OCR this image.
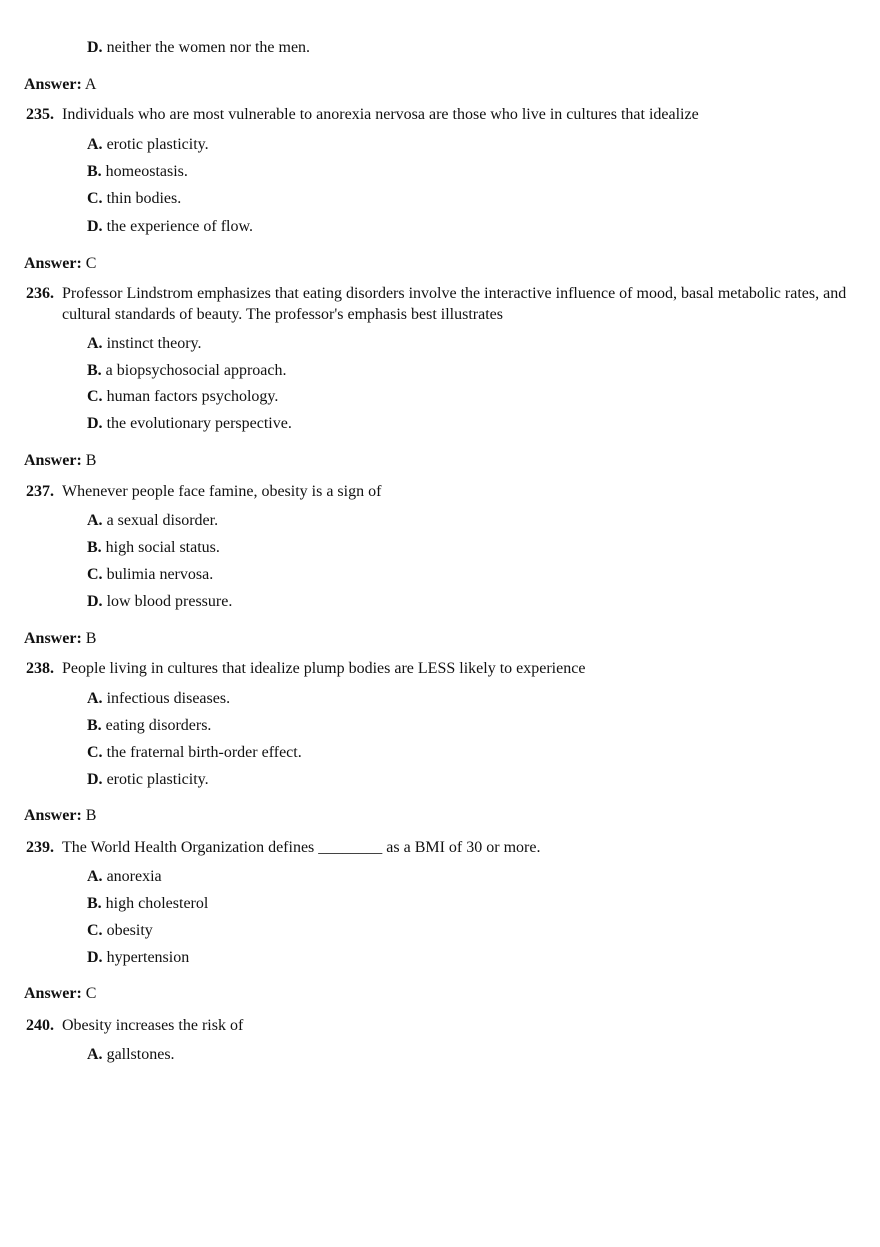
D. neither the women nor the men.
Answer: A
235. Individuals who are most vulnerable to anorexia nervosa are those who live in cultures that idealize
A. erotic plasticity.
B. homeostasis.
C. thin bodies.
D. the experience of flow.
Answer: C
236. Professor Lindstrom emphasizes that eating disorders involve the interactive influence of mood, basal metabolic rates, and cultural standards of beauty. The professor's emphasis best illustrates
A. instinct theory.
B. a biopsychosocial approach.
C. human factors psychology.
D. the evolutionary perspective.
Answer: B
237. Whenever people face famine, obesity is a sign of
A. a sexual disorder.
B. high social status.
C. bulimia nervosa.
D. low blood pressure.
Answer: B
238. People living in cultures that idealize plump bodies are LESS likely to experience
A. infectious diseases.
B. eating disorders.
C. the fraternal birth-order effect.
D. erotic plasticity.
Answer: B
239. The World Health Organization defines ________ as a BMI of 30 or more.
A. anorexia
B. high cholesterol
C. obesity
D. hypertension
Answer: C
240. Obesity increases the risk of
A. gallstones.
